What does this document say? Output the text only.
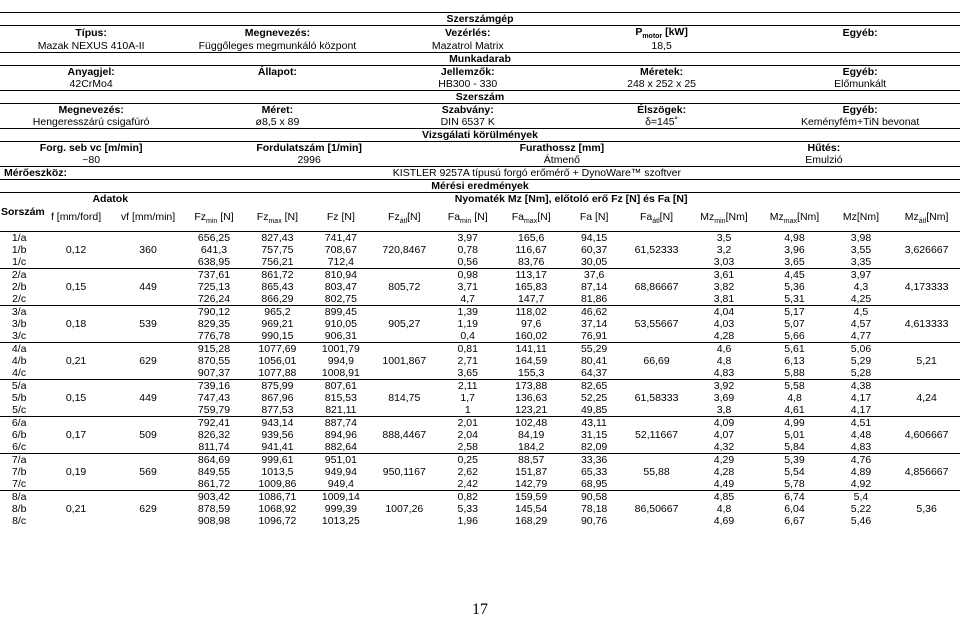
Szerszámgép														
Típus:			Megnevezés:			Vezérlés:			$P_{motor}$ [kW]			Egyéb:		
Mazak NEXUS 410A-II			Függőleges megmunkáló központ			Mazatrol Matrix			18,5					
Munkadarab														
Anyagjel:			Állapot:			Jellemzők:			Méretek:			Egyéb:		
42CrMo4						HB300 - 330			248 x 252 x 25			Előmunkált		
Szerszám														
Megnevezés:			Méret:			Szabvány:			Élszögek:			Egyéb:		
Hengeresszárú csigafúró			ø8,5 x 89			DIN 6537 K			δ=145˚			Keményfém+TiN bevonat		
Vizsgálati körülmények														
Forg. seb vc [m/min]			Fordulatszám [1/min]				Furathossz [mm]				Hűtés:			
~80			2996				Átmenő				Emulzió			
Mérőeszköz:		KISTLER 9257A típusú forgó erőmérő + DynoWare™ szoftver												
Mérési eredmények														
Sorszám	Adatok		Nyomaték Mz [Nm], előtoló erő Fz [N] és Fa [N]											
	f [mm/ford]	vf [mm/min]	$Fz_{min}$ [N]	$Fz_{max}$ [N]	Fz [N]	$Fz_{átl}[N]$	$Fa_{min}$ [N]	$Fa_{max}[N]$	Fa [N]	$Fa_{átl}[N]$	$Mz_{min}[Nm]$	$Mz_{max}[Nm]$	Mz[Nm]	$Mz_{átl}[Nm]$
1/a	0,12	360	656,25	827,43	741,47	720,8467	3,97	165,6	94,15	61,52333	3,5	4,98	3,98	3,626667
1/b			641,3	757,75	708,67		0,78	116,67	60,37		3,2	3,96	3,55	
1/c			638,95	756,21	712,4		0,56	83,76	30,05		3,03	3,65	3,35	
2/a	0,15	449	737,61	861,72	810,94	805,72	0,98	113,17	37,6	68,86667	3,61	4,45	3,97	4,173333
2/b			725,13	865,43	803,47		3,71	165,83	87,14		3,82	5,36	4,3	
2/c			726,24	866,29	802,75		4,7	147,7	81,86		3,81	5,31	4,25	
3/a	0,18	539	790,12	965,2	899,45	905,27	1,39	118,02	46,62	53,55667	4,04	5,17	4,5	4,613333
3/b			829,35	969,21	910,05		1,19	97,6	37,14		4,03	5,07	4,57	
3/c			776,78	990,15	906,31		0,4	160,02	76,91		4,28	5,66	4,77	
4/a	0,21	629	915,28	1077,69	1001,79	1001,867	0,81	141,11	55,29	66,69	4,6	5,61	5,06	5,21
4/b			870,55	1056,01	994,9		2,71	164,59	80,41		4,8	6,13	5,29	
4/c			907,37	1077,88	1008,91		3,65	155,3	64,37		4,83	5,88	5,28	
5/a	0,15	449	739,16	875,99	807,61	814,75	2,11	173,88	82,65	61,58333	3,92	5,58	4,38	4,24
5/b			747,43	867,96	815,53		1,7	136,63	52,25		3,69	4,8	4,17	
5/c			759,79	877,53	821,11		1	123,21	49,85		3,8	4,61	4,17	
6/a	0,17	509	792,41	943,14	887,74	888,4467	2,01	102,48	43,11	52,11667	4,09	4,99	4,51	4,606667
6/b			826,32	939,56	894,96		2,04	84,19	31,15		4,07	5,01	4,48	
6/c			811,74	941,41	882,64		2,58	184,2	82,09		4,32	5,84	4,83	
7/a	0,19	569	864,69	999,61	951,01	950,1167	0,25	88,57	33,36	55,88	4,29	5,39	4,76	4,856667
7/b			849,55	1013,5	949,94		2,62	151,87	65,33		4,28	5,54	4,89	
7/c			861,72	1009,86	949,4		2,42	142,79	68,95		4,49	5,78	4,92	
8/a	0,21	629	903,42	1086,71	1009,14	1007,26	0,82	159,59	90,58	86,50667	4,85	6,74	5,4	5,36
8/b			878,59	1068,92	999,39		5,33	145,54	78,18		4,8	6,04	5,22	
8/c			908,98	1096,72	1013,25		1,96	168,29	90,76		4,69	6,67	5,46	
17
